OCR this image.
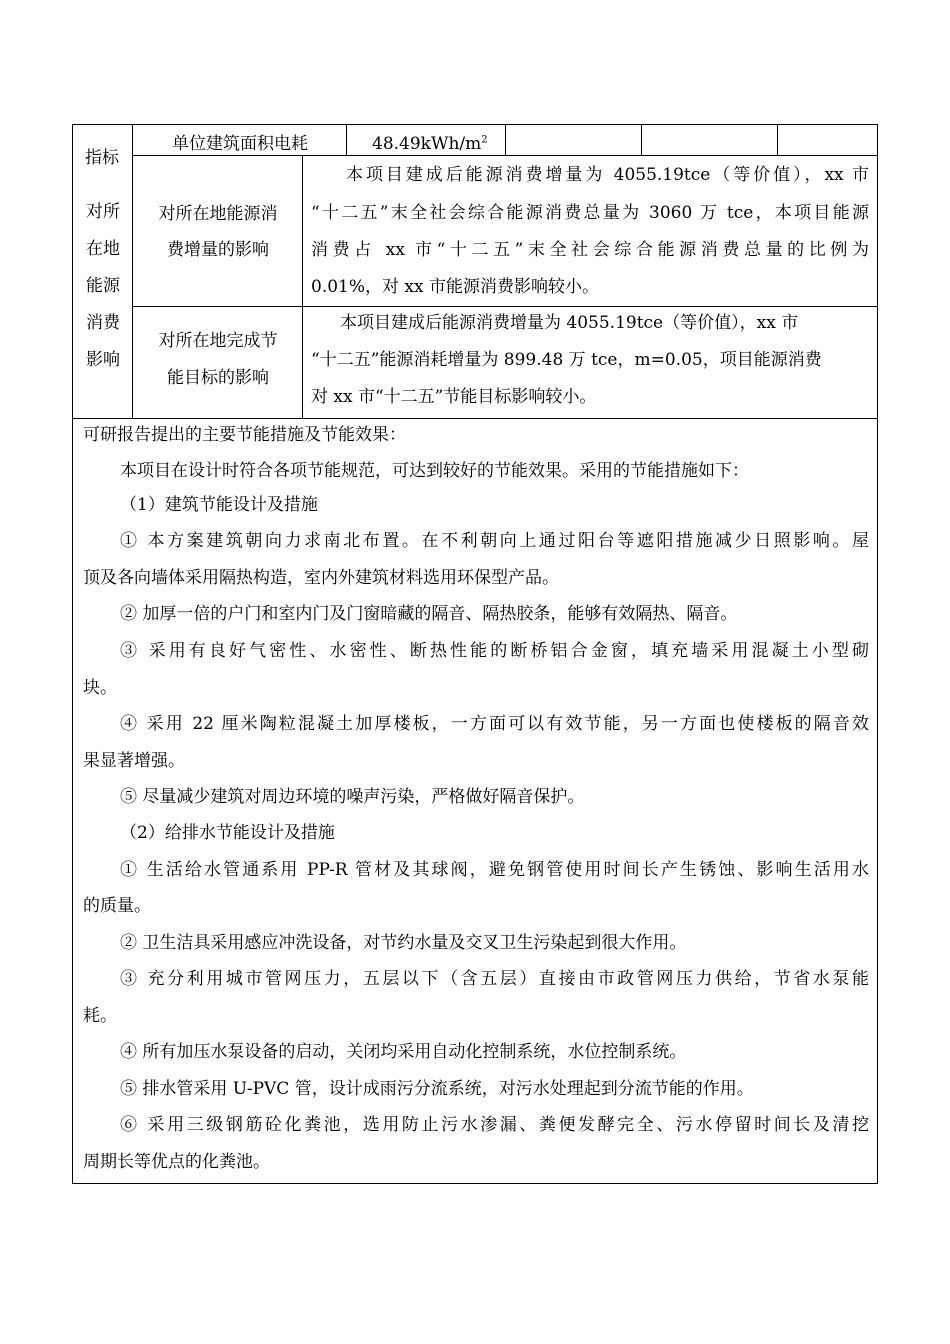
指标
单位建筑面积电耗	$48.49kWh/m^2$
对所
在地
能源
消费
影响
对所在地能源消
费增量的影响
本项目建成后能源消费增量为 4055.19tce（等价值），xx 市
“十二五”末全社会综合能源消费总量为 3060 万 tce，本项目能源
消费占 xx 市“十二五”末全社会综合能源消费总量的比例为
0.01%，对 xx 市能源消费影响较小。
对所在地完成节
能目标的影响
本项目建成后能源消费增量为 4055.19tce（等价值），xx 市
“十二五”能源消耗增量为 899.48 万 tce，m=0.05，项目能源消费
对 xx 市“十二五”节能目标影响较小。
可研报告提出的主要节能措施及节能效果：
本项目在设计时符合各项节能规范，可达到较好的节能效果。采用的节能措施如下：
（1）建筑节能设计及措施
① 本方案建筑朝向力求南北布置。在不利朝向上通过阳台等遮阳措施减少日照影响。屋
顶及各向墙体采用隔热构造，室内外建筑材料选用环保型产品。
② 加厚一倍的户门和室内门及门窗暗藏的隔音、隔热胶条，能够有效隔热、隔音。
③ 采用有良好气密性、水密性、断热性能的断桥铝合金窗，填充墙采用混凝土小型砌
块。
④ 采用 22 厘米陶粒混凝土加厚楼板，一方面可以有效节能，另一方面也使楼板的隔音效
果显著增强。
⑤ 尽量减少建筑对周边环境的噪声污染，严格做好隔音保护。
（2）给排水节能设计及措施
① 生活给水管通系用 PP-R 管材及其球阀，避免钢管使用时间长产生锈蚀、影响生活用水
的质量。
② 卫生洁具采用感应冲洗设备，对节约水量及交叉卫生污染起到很大作用。
③ 充分利用城市管网压力，五层以下（含五层）直接由市政管网压力供给，节省水泵能
耗。
④ 所有加压水泵设备的启动，关闭均采用自动化控制系统，水位控制系统。
⑤ 排水管采用 U-PVC 管，设计成雨污分流系统，对污水处理起到分流节能的作用。
⑥ 采用三级钢筋砼化粪池，选用防止污水渗漏、粪便发酵完全、污水停留时间长及清挖
周期长等优点的化粪池。
